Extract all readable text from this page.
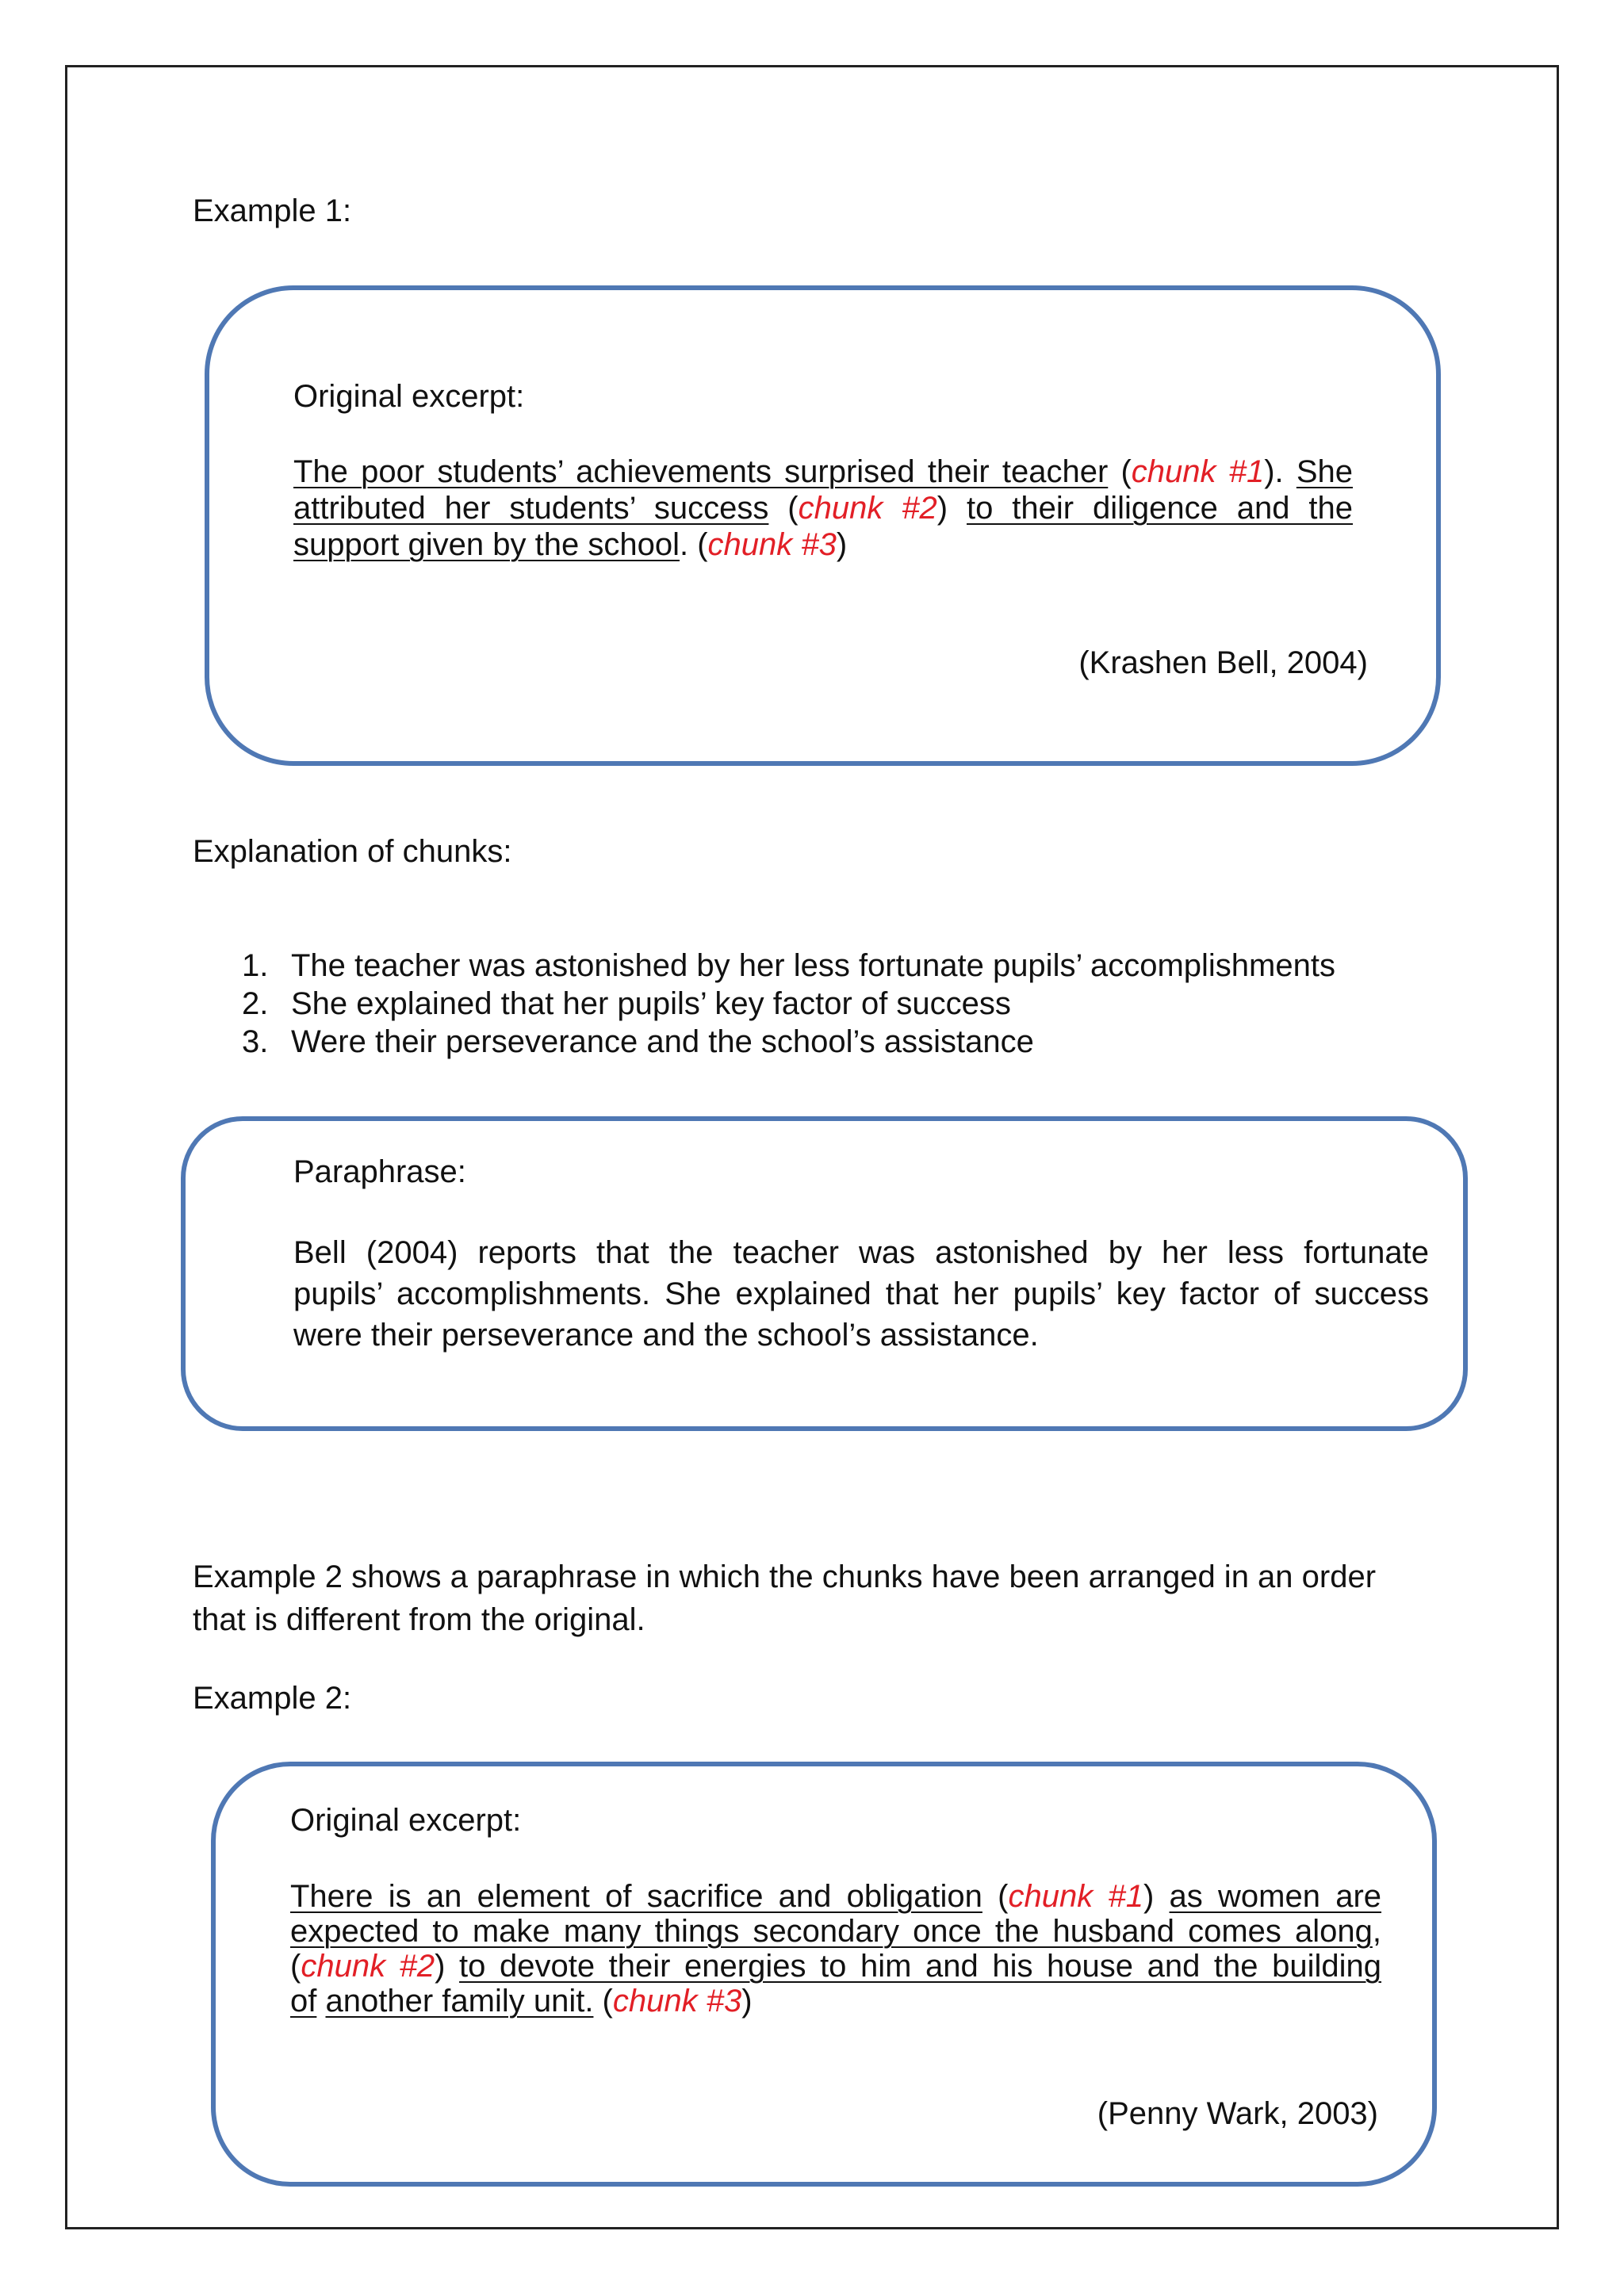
Example 1:
Original excerpt:
The poor students’ achievements surprised their teacher (chunk #1). She
attributed her students’ success (chunk #2) to their diligence and the
support given by the school. (chunk #3)
(Krashen Bell, 2004)
Explanation of chunks:
1. The teacher was astonished by her less fortunate pupils’ accomplishments
2. She explained that her pupils’ key factor of success
3. Were their perseverance and the school’s assistance
Paraphrase:
Bell (2004) reports that the teacher was astonished by her less fortunate
pupils’ accomplishments. She explained that her pupils’ key factor of success
were their perseverance and the school’s assistance.
Example 2 shows a paraphrase in which the chunks have been arranged in an order
that is different from the original.
Example 2:
Original excerpt:
There is an element of sacrifice and obligation (chunk #1) as women are
expected to make many things secondary once the husband comes along,
(chunk #2) to devote their energies to him and his house and the building
of another family unit. (chunk #3)
(Penny Wark, 2003)
